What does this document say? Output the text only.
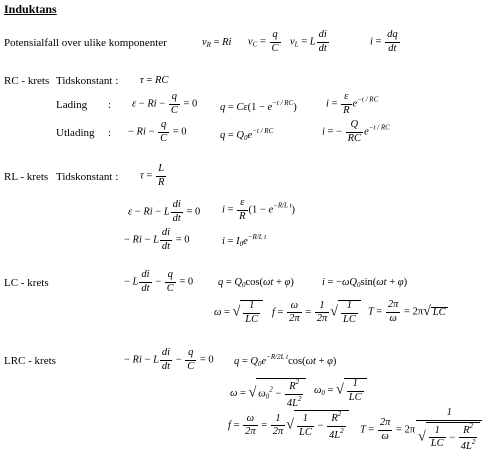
Induktans
Potensialfall over ulike komponenter	$v_R = Ri$ $v_C = \frac{q}{C} v_L = L \frac{di}{dt}$	$i = \frac{dq}{dt}$
RC - krets Tidskonstant : τ = RC
Lading : $\varepsilon - Ri - \frac{q}{C} = 0$ $q = C\varepsilon(1 - e^{-t / RC})$	$i = \frac{\varepsilon}{R} e^{-t / RC}$
Utlading : − $Ri - \frac{q}{C} = 0$	$q = Q_0e^{-t / RC}$	i = − $\frac{Q}{RC} e^{-t / RC}$
RL - krets Tidskonstant : $\tau = \frac{L}{R}$
ε − Ri − L $\frac{di}{dt} = 0$ $i = \frac{\varepsilon}{R} (1 - e^{-R/L t})$
− Ri − L $\frac{di}{dt} = 0$	$i = I_0e^{-R/L t}$
LC - krets	− L $\frac{di}{dt} - \frac{q}{C} = 0$ $q = Q_0\cos(\omega t + \varphi)$	$i = -\omega Q_0\sin(\omega t + \varphi)$
ω = √ $\frac{1}{LC}$ $f = \frac{\omega}{2\pi} = \frac{1}{2\pi}$ √ $\frac{1}{LC}$ $T = \frac{2\pi}{\omega} = 2\pi√$ LC
LRC - krets	− Ri − L $\frac{di}{dt} - \frac{q}{C} = 0$ $q = Q_0e^{-R/2L t}\cos(\omega t + \varphi)$
ω = √ $\omega_0^2 - \frac{R^2}{4L^2} \omega_0$ = √ $\frac{1}{LC}$
$f = \frac{\omega}{2\pi} = \frac{1}{2\pi}$ √ $\frac{1}{LC} - \frac{R^2}{4L^2}$ $T = \frac{2\pi}{\omega} = 2\pi \frac{1}{√ \frac{1}{LC} - \frac{R^2}{4L^2}}$
